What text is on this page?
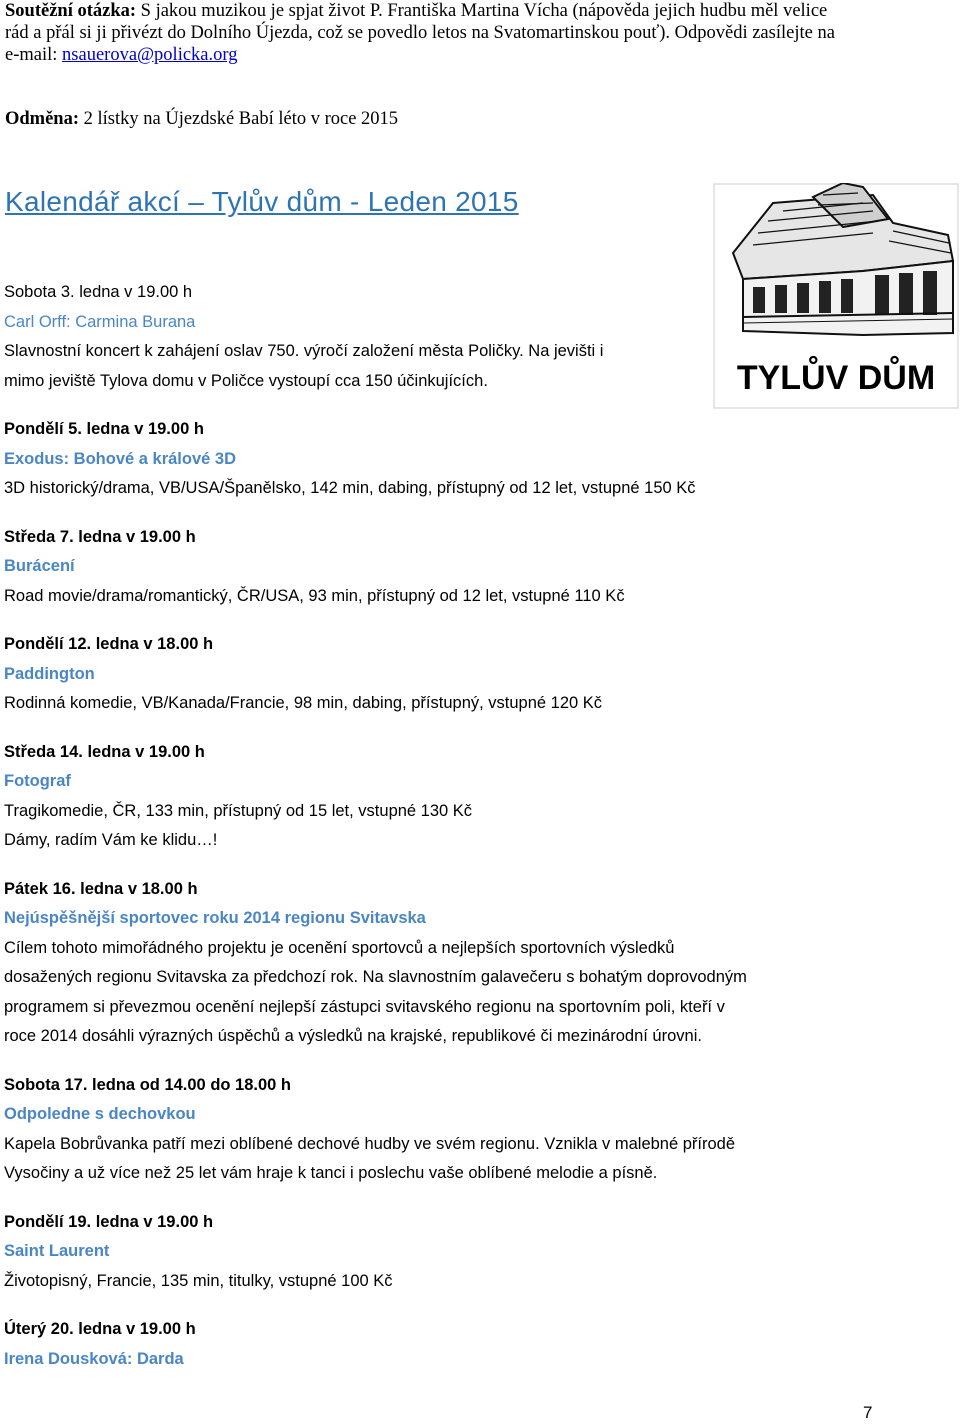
Soutěžní otázka: S jakou muzikou je spjat život P. Františka Martina Vícha (nápověda jejich hudbu měl velice

rád a přál si ji přivézt do Dolního Újezda, což se povedlo letos na Svatomartinskou pouť). Odpovědi zasílejte na

e-mail: nsauerova@policka.org

Odměna: 2 lístky na Újezdské Babí léto v roce 2015
Kalendář akcí – Tylův dům - Leden 2015
TYLŮV DŮM

Sobota 3. ledna v 19.00 h

Carl Orff: Carmina Burana

Slavnostní koncert k zahájení oslav 750. výročí založení města Poličky. Na jevišti i

mimo jeviště Tylova domu v Poličce vystoupí cca 150 účinkujících.

Pondělí 5. ledna v 19.00 h

Exodus: Bohové a králové 3D

3D historický/drama, VB/USA/Španělsko, 142 min, dabing, přístupný od 12 let, vstupné 150 Kč

Středa 7. ledna v 19.00 h

Burácení

Road movie/drama/romantický, ČR/USA, 93 min, přístupný od 12 let, vstupné 110 Kč

Pondělí 12. ledna v 18.00 h

Paddington

Rodinná komedie, VB/Kanada/Francie, 98 min, dabing, přístupný, vstupné 120 Kč

Středa 14. ledna v 19.00 h

Fotograf

Tragikomedie, ČR, 133 min, přístupný od 15 let, vstupné 130 Kč

Dámy, radím Vám ke klidu…!

Pátek 16. ledna v 18.00 h

Nejúspěšnější sportovec roku 2014 regionu Svitavska

Cílem tohoto mimořádného projektu je ocenění sportovců a nejlepších sportovních výsledků

dosažených regionu Svitavska za předchozí rok. Na slavnostním galavečeru s bohatým doprovodným

programem si převezmou ocenění nejlepší zástupci svitavského regionu na sportovním poli, kteří v

roce 2014 dosáhli výrazných úspěchů a výsledků na krajské, republikové či mezinárodní úrovni.

Sobota 17. ledna od 14.00 do 18.00 h

Odpoledne s dechovkou

Kapela Bobrůvanka patří mezi oblíbené dechové hudby ve svém regionu. Vznikla v malebné přírodě

Vysočiny a už více než 25 let vám hraje k tanci i poslechu vaše oblíbené melodie a písně.

Pondělí 19. ledna v 19.00 h

Saint Laurent

Životopisný, Francie, 135 min, titulky, vstupné 100 Kč

Úterý 20. ledna v 19.00 h

Irena Dousková: Darda

7
